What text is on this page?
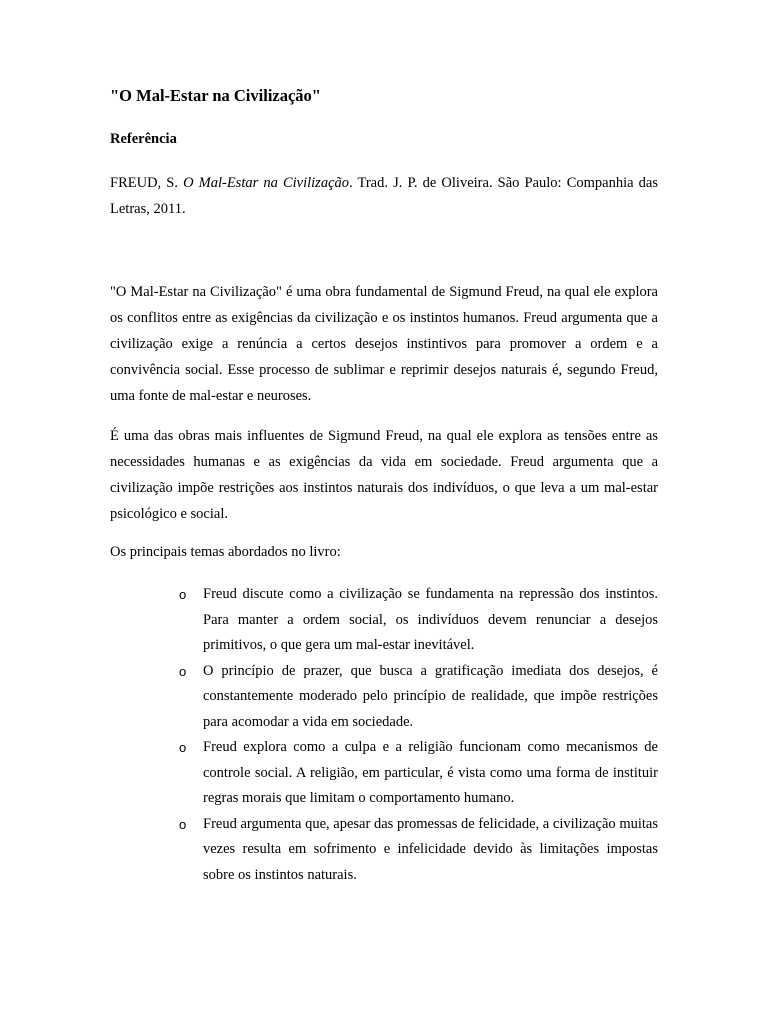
"O Mal-Estar na Civilização"
Referência

FREUD, S. O Mal-Estar na Civilização. Trad. J. P. de Oliveira. São Paulo: Companhia das Letras, 2011.

"O Mal-Estar na Civilização" é uma obra fundamental de Sigmund Freud, na qual ele explora os conflitos entre as exigências da civilização e os instintos humanos. Freud argumenta que a civilização exige a renúncia a certos desejos instintivos para promover a ordem e a convivência social. Esse processo de sublimar e reprimir desejos naturais é, segundo Freud, uma fonte de mal-estar e neuroses.

É uma das obras mais influentes de Sigmund Freud, na qual ele explora as tensões entre as necessidades humanas e as exigências da vida em sociedade. Freud argumenta que a civilização impõe restrições aos instintos naturais dos indivíduos, o que leva a um mal-estar psicológico e social.

Os principais temas abordados no livro:

o Freud discute como a civilização se fundamenta na repressão dos instintos. Para manter a ordem social, os indivíduos devem renunciar a desejos primitivos, o que gera um mal-estar inevitável.
o O princípio de prazer, que busca a gratificação imediata dos desejos, é constantemente moderado pelo princípio de realidade, que impõe restrições para acomodar a vida em sociedade.
o Freud explora como a culpa e a religião funcionam como mecanismos de controle social. A religião, em particular, é vista como uma forma de instituir regras morais que limitam o comportamento humano.
o Freud argumenta que, apesar das promessas de felicidade, a civilização muitas vezes resulta em sofrimento e infelicidade devido às limitações impostas sobre os instintos naturais.
